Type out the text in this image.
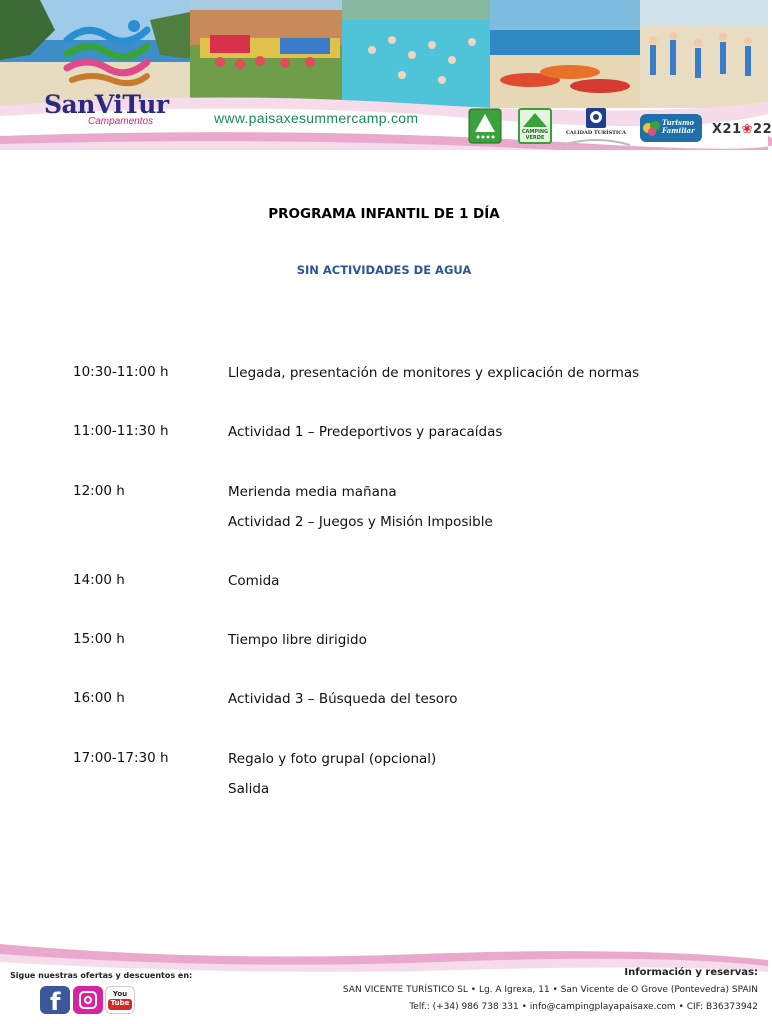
SanViTur
Campamentos	www.paisaxesummercamp.com
CAMPING VERDE
CALIDAD TURÍSTICA
Turismo Familiar	X21❀22
PROGRAMA INFANTIL DE 1 DÍA
SIN ACTIVIDADES DE AGUA
10:30-11:00 h	Llegada, presentación de monitores y explicación de normas
11:00-11:30 h	Actividad 1 – Predeportivos y paracaídas
12:00 h	Merienda media mañana
Actividad 2 – Juegos y Misión Imposible
14:00 h	Comida
15:00 h	Tiempo libre dirigido
16:00 h	Actividad 3 – Búsqueda del tesoro
17:00-17:30 h	Regalo y foto grupal (opcional)
Salida
Sigue nuestras ofertas y descuentos en:
f	You
Tube
Información y reservas:
SAN VICENTE TURÍSTICO SL • Lg. A Igrexa, 11 • San Vicente de O Grove (Pontevedra) SPAIN
Telf.: (+34) 986 738 331 • info@campingplayapaisaxe.com • CIF: B36373942
